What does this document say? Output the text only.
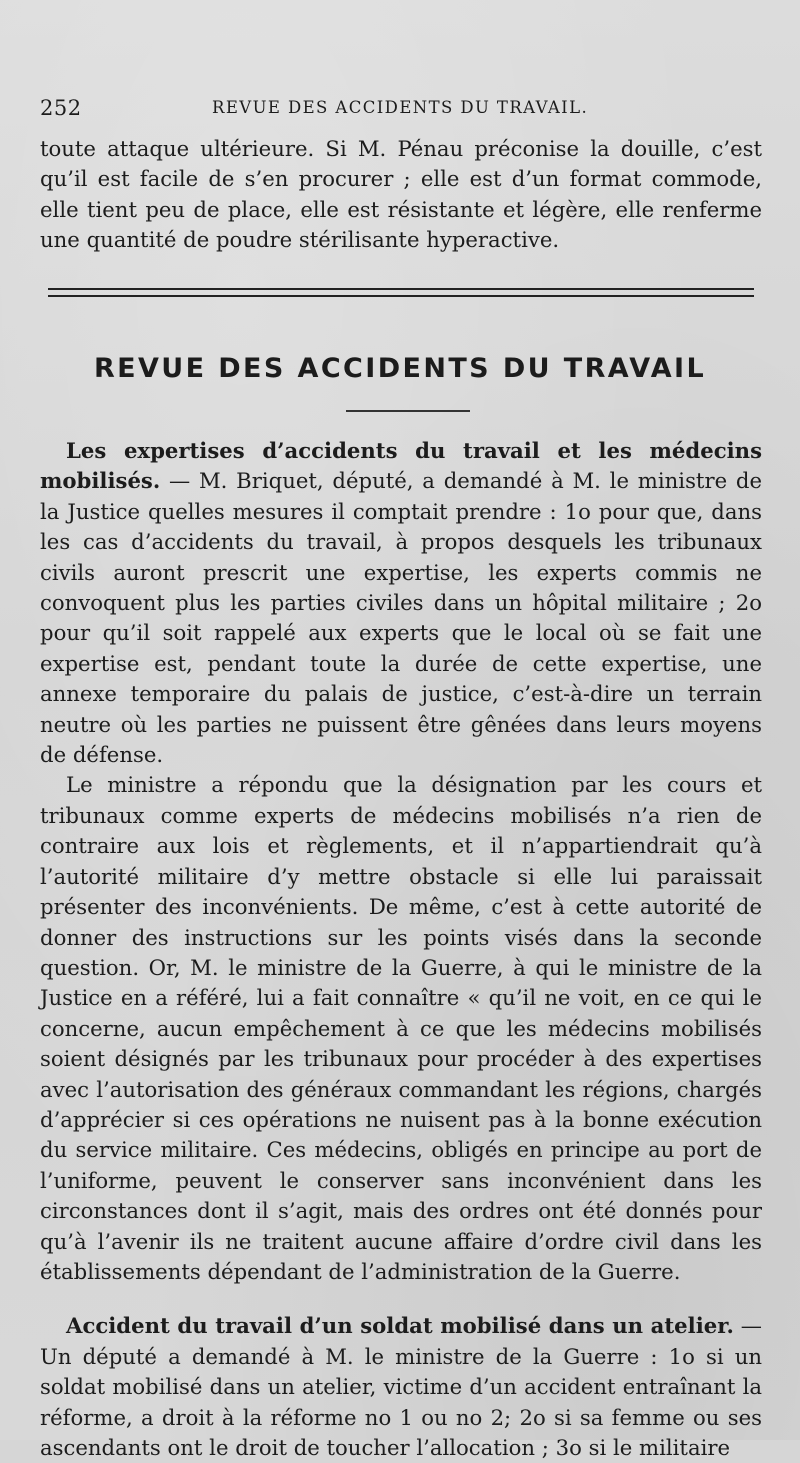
252	REVUE DES ACCIDENTS DU TRAVAIL.

toute attaque ultérieure. Si M. Pénau préconise la douille, c’est qu’il est facile de s’en procurer ; elle est d’un format commode, elle tient peu de place, elle est résistante et légère, elle renferme une quantité de poudre stérilisante hyperactive.

REVUE DES ACCIDENTS DU TRAVAIL

Les expertises d’accidents du travail et les médecins mobilisés. — M. Briquet, député, a demandé à M. le ministre de la Justice quelles mesures il comptait prendre : 1o pour que, dans les cas d’accidents du travail, à propos desquels les tribunaux civils auront prescrit une expertise, les experts commis ne convoquent plus les parties civiles dans un hôpital militaire ; 2o pour qu’il soit rappelé aux experts que le local où se fait une expertise est, pendant toute la durée de cette expertise, une annexe temporaire du palais de justice, c’est-à-dire un terrain neutre où les parties ne puissent être gênées dans leurs moyens de défense.

Le ministre a répondu que la désignation par les cours et tribunaux comme experts de médecins mobilisés n’a rien de contraire aux lois et règlements, et il n’appartiendrait qu’à l’autorité militaire d’y mettre obstacle si elle lui paraissait présenter des inconvénients. De même, c’est à cette autorité de donner des instructions sur les points visés dans la seconde question. Or, M. le ministre de la Guerre, à qui le ministre de la Justice en a référé, lui a fait connaître « qu’il ne voit, en ce qui le concerne, aucun empêchement à ce que les médecins mobilisés soient désignés par les tribunaux pour procéder à des expertises avec l’autorisation des généraux commandant les régions, chargés d’apprécier si ces opérations ne nuisent pas à la bonne exécution du service militaire. Ces médecins, obligés en principe au port de l’uniforme, peuvent le conserver sans inconvénient dans les circonstances dont il s’agit, mais des ordres ont été donnés pour qu’à l’avenir ils ne traitent aucune affaire d’ordre civil dans les établissements dépendant de l’administration de la Guerre.

Accident du travail d’un soldat mobilisé dans un atelier. — Un député a demandé à M. le ministre de la Guerre : 1o si un soldat mobilisé dans un atelier, victime d’un accident entraînant la réforme, a droit à la réforme no 1 ou no 2; 2o si sa femme ou ses ascendants ont le droit de toucher l’allocation ; 3o si le militaire
